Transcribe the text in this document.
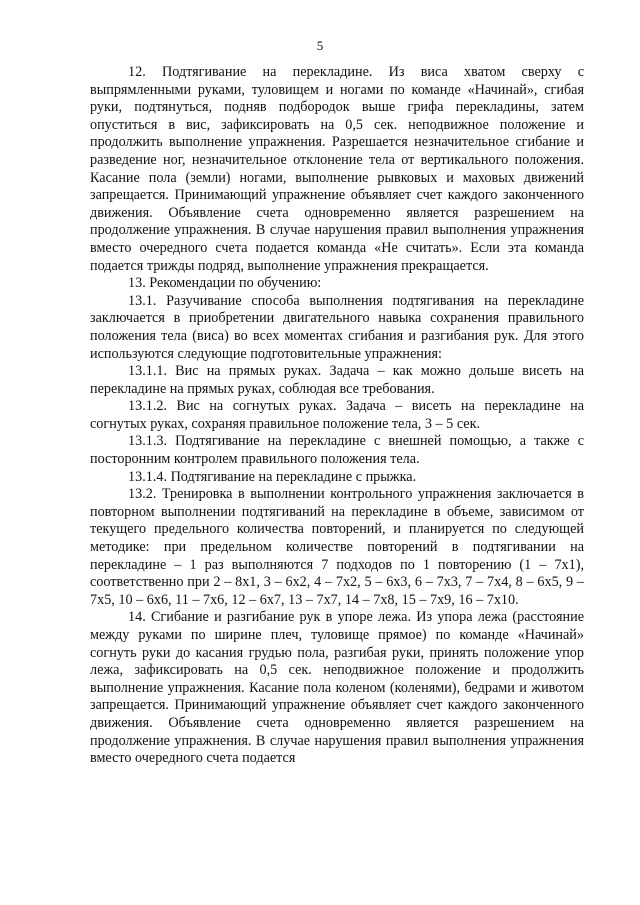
5

12. Подтягивание на перекладине. Из виса хватом сверху с выпрямленными руками, туловищем и ногами по команде «Начинай», сгибая руки, подтянуться, подняв подбородок выше грифа перекладины, затем опуститься в вис, зафиксировать на 0,5 сек. неподвижное положение и продолжить выполнение упражнения. Разрешается незначительное сгибание и разведение ног, незначительное отклонение тела от вертикального положения. Касание пола (земли) ногами, выполнение рывковых и маховых движений запрещается. Принимающий упражнение объявляет счет каждого законченного движения. Объявление счета одновременно является разрешением на продолжение упражнения. В случае нарушения правил выполнения упражнения вместо очередного счета подается команда «Не считать». Если эта команда подается трижды подряд, выполнение упражнения прекращается.

13. Рекомендации по обучению:

13.1. Разучивание способа выполнения подтягивания на перекладине заключается в приобретении двигательного навыка сохранения правильного положения тела (виса) во всех моментах сгибания и разгибания рук. Для этого используются следующие подготовительные упражнения:

13.1.1. Вис на прямых руках. Задача – как можно дольше висеть на перекладине на прямых руках, соблюдая все требования.

13.1.2. Вис на согнутых руках. Задача – висеть на перекладине на согнутых руках, сохраняя правильное положение тела, 3 – 5 сек.

13.1.3. Подтягивание на перекладине с внешней помощью, а также с посторонним контролем правильного положения тела.

13.1.4. Подтягивание на перекладине с прыжка.

13.2. Тренировка в выполнении контрольного упражнения заключается в повторном выполнении подтягиваний на перекладине в объеме, зависимом от текущего предельного количества повторений, и планируется по следующей методике: при предельном количестве повторений в подтягивании на перекладине – 1 раз выполняются 7 подходов по 1 повторению (1 – 7х1), соответственно при 2 – 8х1, 3 – 6х2, 4 – 7х2, 5 – 6х3, 6 – 7х3, 7 – 7х4, 8 – 6х5, 9 – 7х5, 10 – 6х6, 11 – 7х6, 12 – 6х7, 13 – 7х7, 14 – 7х8, 15 – 7х9, 16 – 7х10.

14. Сгибание и разгибание рук в упоре лежа. Из упора лежа (расстояние между руками по ширине плеч, туловище прямое) по команде «Начинай» согнуть руки до касания грудью пола, разгибая руки, принять положение упор лежа, зафиксировать на 0,5 сек. неподвижное положение и продолжить выполнение упражнения. Касание пола коленом (коленями), бедрами и животом запрещается. Принимающий упражнение объявляет счет каждого законченного движения. Объявление счета одновременно является разрешением на продолжение упражнения. В случае нарушения правил выполнения упражнения вместо очередного счета подается
